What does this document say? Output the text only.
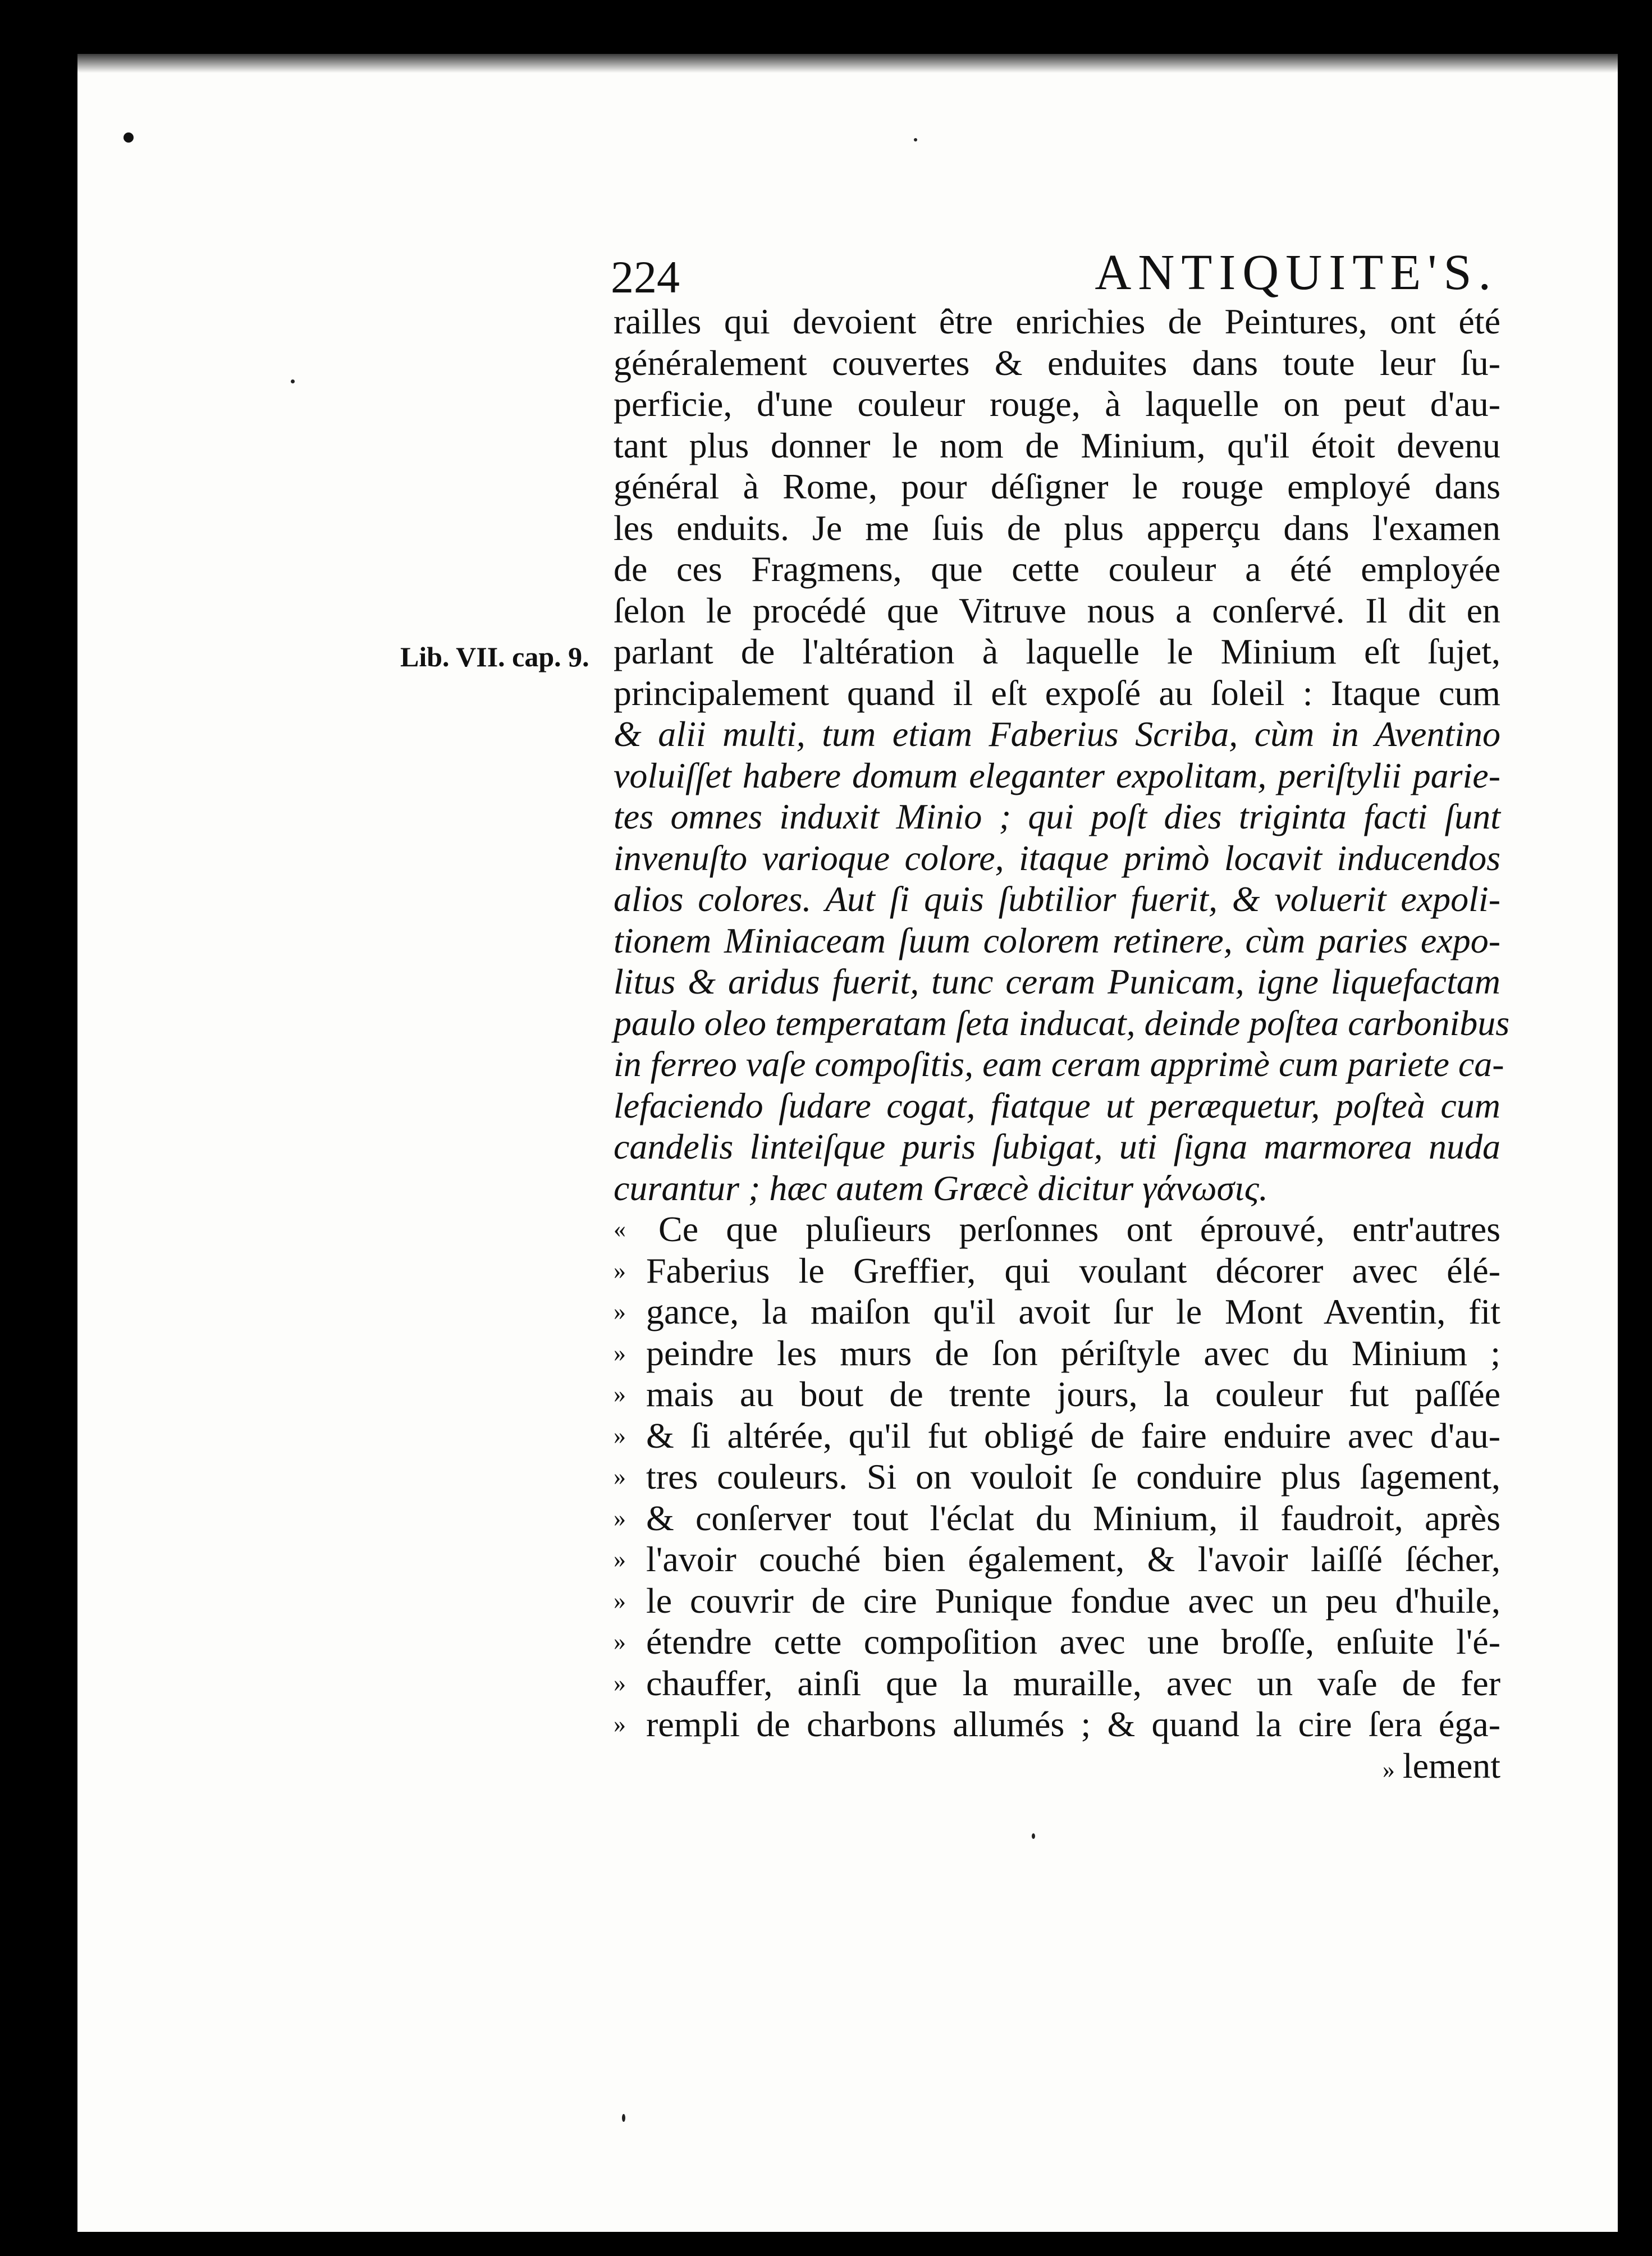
224	ANTIQUITE'S.
Lib. VII. cap. 9.
railles qui devoient être enrichies de Peintures, ont été
généralement couvertes & enduites dans toute leur ſu-
perficie, d'une couleur rouge, à laquelle on peut d'au-
tant plus donner le nom de Minium, qu'il étoit devenu
général à Rome, pour déſigner le rouge employé dans
les enduits. Je me ſuis de plus apperçu dans l'examen
de ces Fragmens, que cette couleur a été employée
ſelon le procédé que Vitruve nous a conſervé. Il dit en
parlant de l'altération à laquelle le Minium eſt ſujet,
principalement quand il eſt expoſé au ſoleil : Itaque cum
& alii multi, tum etiam Faberius Scriba, cùm in Aventino
voluiſſet habere domum eleganter expolitam, periſtylii parie-
tes omnes induxit Minio ; qui poſt dies triginta facti ſunt
invenuſto varioque colore, itaque primò locavit inducendos
alios colores. Aut ſi quis ſubtilior fuerit, & voluerit expoli-
tionem Miniaceam ſuum colorem retinere, cùm paries expo-
litus & aridus fuerit, tunc ceram Punicam, igne liquefactam
paulo oleo temperatam ſeta inducat, deinde poſtea carbonibus
in ferreo vaſe compoſitis, eam ceram apprimè cum pariete ca-
lefaciendo ſudare cogat, fiatque ut peræquetur, poſteà cum
candelis linteiſque puris ſubigat, uti ſigna marmorea nuda
curantur ; hæc autem Græcè dicitur γάνωσις.
« Ce que pluſieurs perſonnes ont éprouvé, entr'autres
» Faberius le Greffier, qui voulant décorer avec élé-
» gance, la maiſon qu'il avoit ſur le Mont Aventin, fit
» peindre les murs de ſon périſtyle avec du Minium ;
» mais au bout de trente jours, la couleur fut paſſée
» & ſi altérée, qu'il fut obligé de faire enduire avec d'au-
» tres couleurs. Si on vouloit ſe conduire plus ſagement,
» & conſerver tout l'éclat du Minium, il faudroit, après
» l'avoir couché bien également, & l'avoir laiſſé ſécher,
» le couvrir de cire Punique fondue avec un peu d'huile,
» étendre cette compoſition avec une broſſe, enſuite l'é-
» chauffer, ainſi que la muraille, avec un vaſe de fer
» rempli de charbons allumés ; & quand la cire ſera éga-
» lement
